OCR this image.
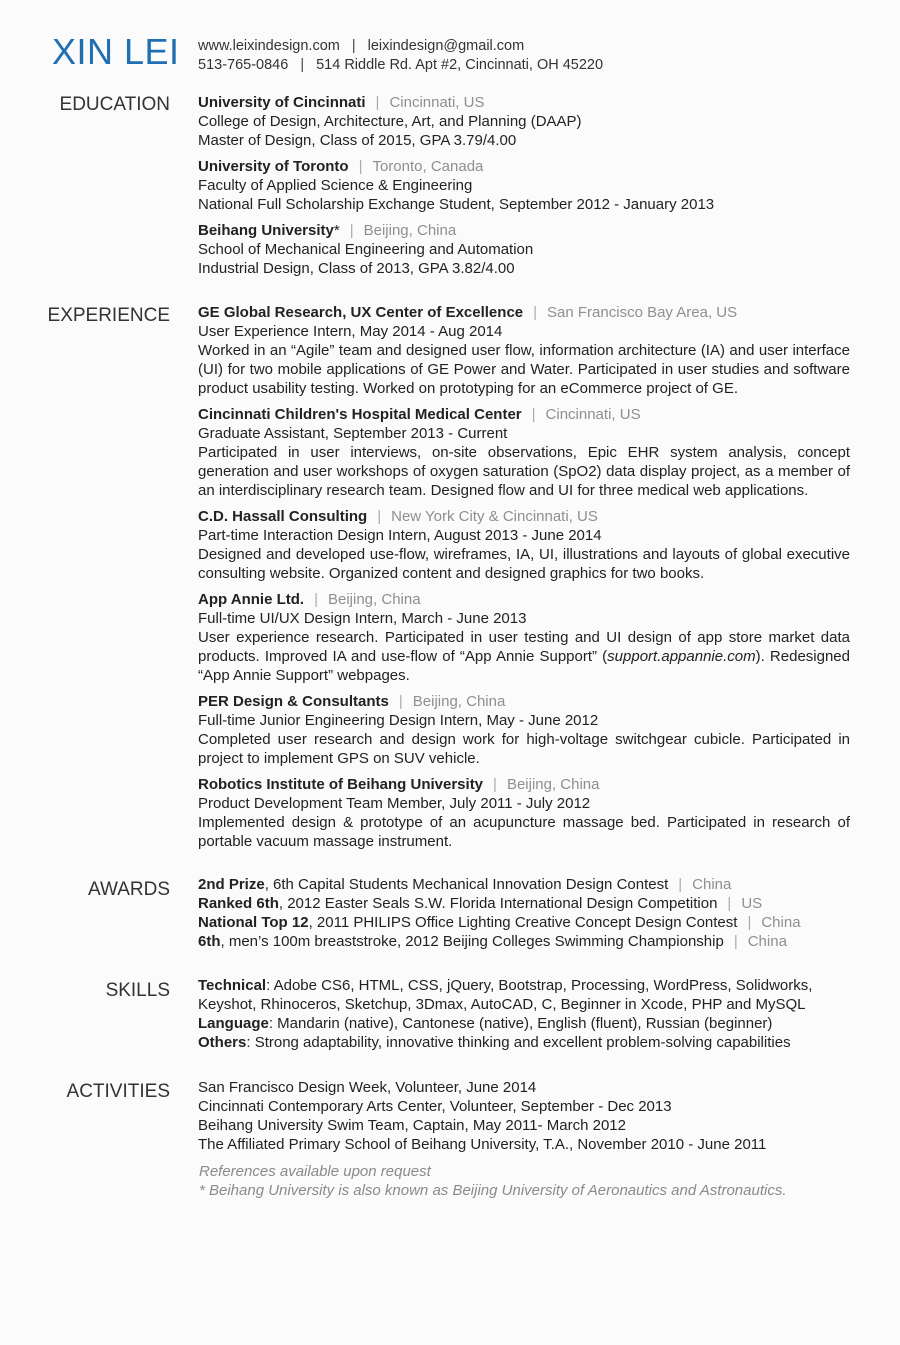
XIN LEI www.leixindesign.com | leixindesign@gmail.com
513-765-0846 | 514 Riddle Rd. Apt #2, Cincinnati, OH 45220
EDUCATION University of Cincinnati | Cincinnati, US
College of Design, Architecture, Art, and Planning (DAAP)
Master of Design, Class of 2015, GPA 3.79/4.00
University of Toronto | Toronto, Canada
Faculty of Applied Science & Engineering
National Full Scholarship Exchange Student, September 2012 - January 2013
Beihang University* | Beijing, China
School of Mechanical Engineering and Automation
Industrial Design, Class of 2013, GPA 3.82/4.00
EXPERIENCE GE Global Research, UX Center of Excellence | San Francisco Bay Area, US
User Experience Intern, May 2014 - Aug 2014
Worked in an “Agile” team and designed user flow, information architecture (IA) and user interface (UI) for two mobile applications of GE Power and Water. Participated in user studies and software product usability testing. Worked on prototyping for an eCommerce project of GE.
Cincinnati Children's Hospital Medical Center | Cincinnati, US
Graduate Assistant, September 2013 - Current
Participated in user interviews, on-site observations, Epic EHR system analysis, concept generation and user workshops of oxygen saturation (SpO2) data display project, as a member of an interdisciplinary research team. Designed flow and UI for three medical web applications.
C.D. Hassall Consulting | New York City & Cincinnati, US
Part-time Interaction Design Intern, August 2013 - June 2014
Designed and developed use-flow, wireframes, IA, UI, illustrations and layouts of global executive consulting website. Organized content and designed graphics for two books.
App Annie Ltd. | Beijing, China
Full-time UI/UX Design Intern, March - June 2013
User experience research. Participated in user testing and UI design of app store market data products. Improved IA and use-flow of “App Annie Support” (support.appannie.com). Redesigned “App Annie Support” webpages.
PER Design & Consultants | Beijing, China
Full-time Junior Engineering Design Intern, May - June 2012
Completed user research and design work for high-voltage switchgear cubicle. Participated in project to implement GPS on SUV vehicle.
Robotics Institute of Beihang University | Beijing, China
Product Development Team Member, July 2011 - July 2012
Implemented design & prototype of an acupuncture massage bed. Participated in research of portable vacuum massage instrument.
AWARDS 2nd Prize, 6th Capital Students Mechanical Innovation Design Contest | China
Ranked 6th, 2012 Easter Seals S.W. Florida International Design Competition | US
National Top 12, 2011 PHILIPS Office Lighting Creative Concept Design Contest | China
6th, men’s 100m breaststroke, 2012 Beijing Colleges Swimming Championship | China
SKILLS Technical: Adobe CS6, HTML, CSS, jQuery, Bootstrap, Processing, WordPress, Solidworks,
Keyshot, Rhinoceros, Sketchup, 3Dmax, AutoCAD, C, Beginner in Xcode, PHP and MySQL
Language: Mandarin (native), Cantonese (native), English (fluent), Russian (beginner)
Others: Strong adaptability, innovative thinking and excellent problem-solving capabilities
ACTIVITIES San Francisco Design Week, Volunteer, June 2014
Cincinnati Contemporary Arts Center, Volunteer, September - Dec 2013
Beihang University Swim Team, Captain, May 2011- March 2012
The Affiliated Primary School of Beihang University, T.A., November 2010 - June 2011
References available upon request
* Beihang University is also known as Beijing University of Aeronautics and Astronautics.
